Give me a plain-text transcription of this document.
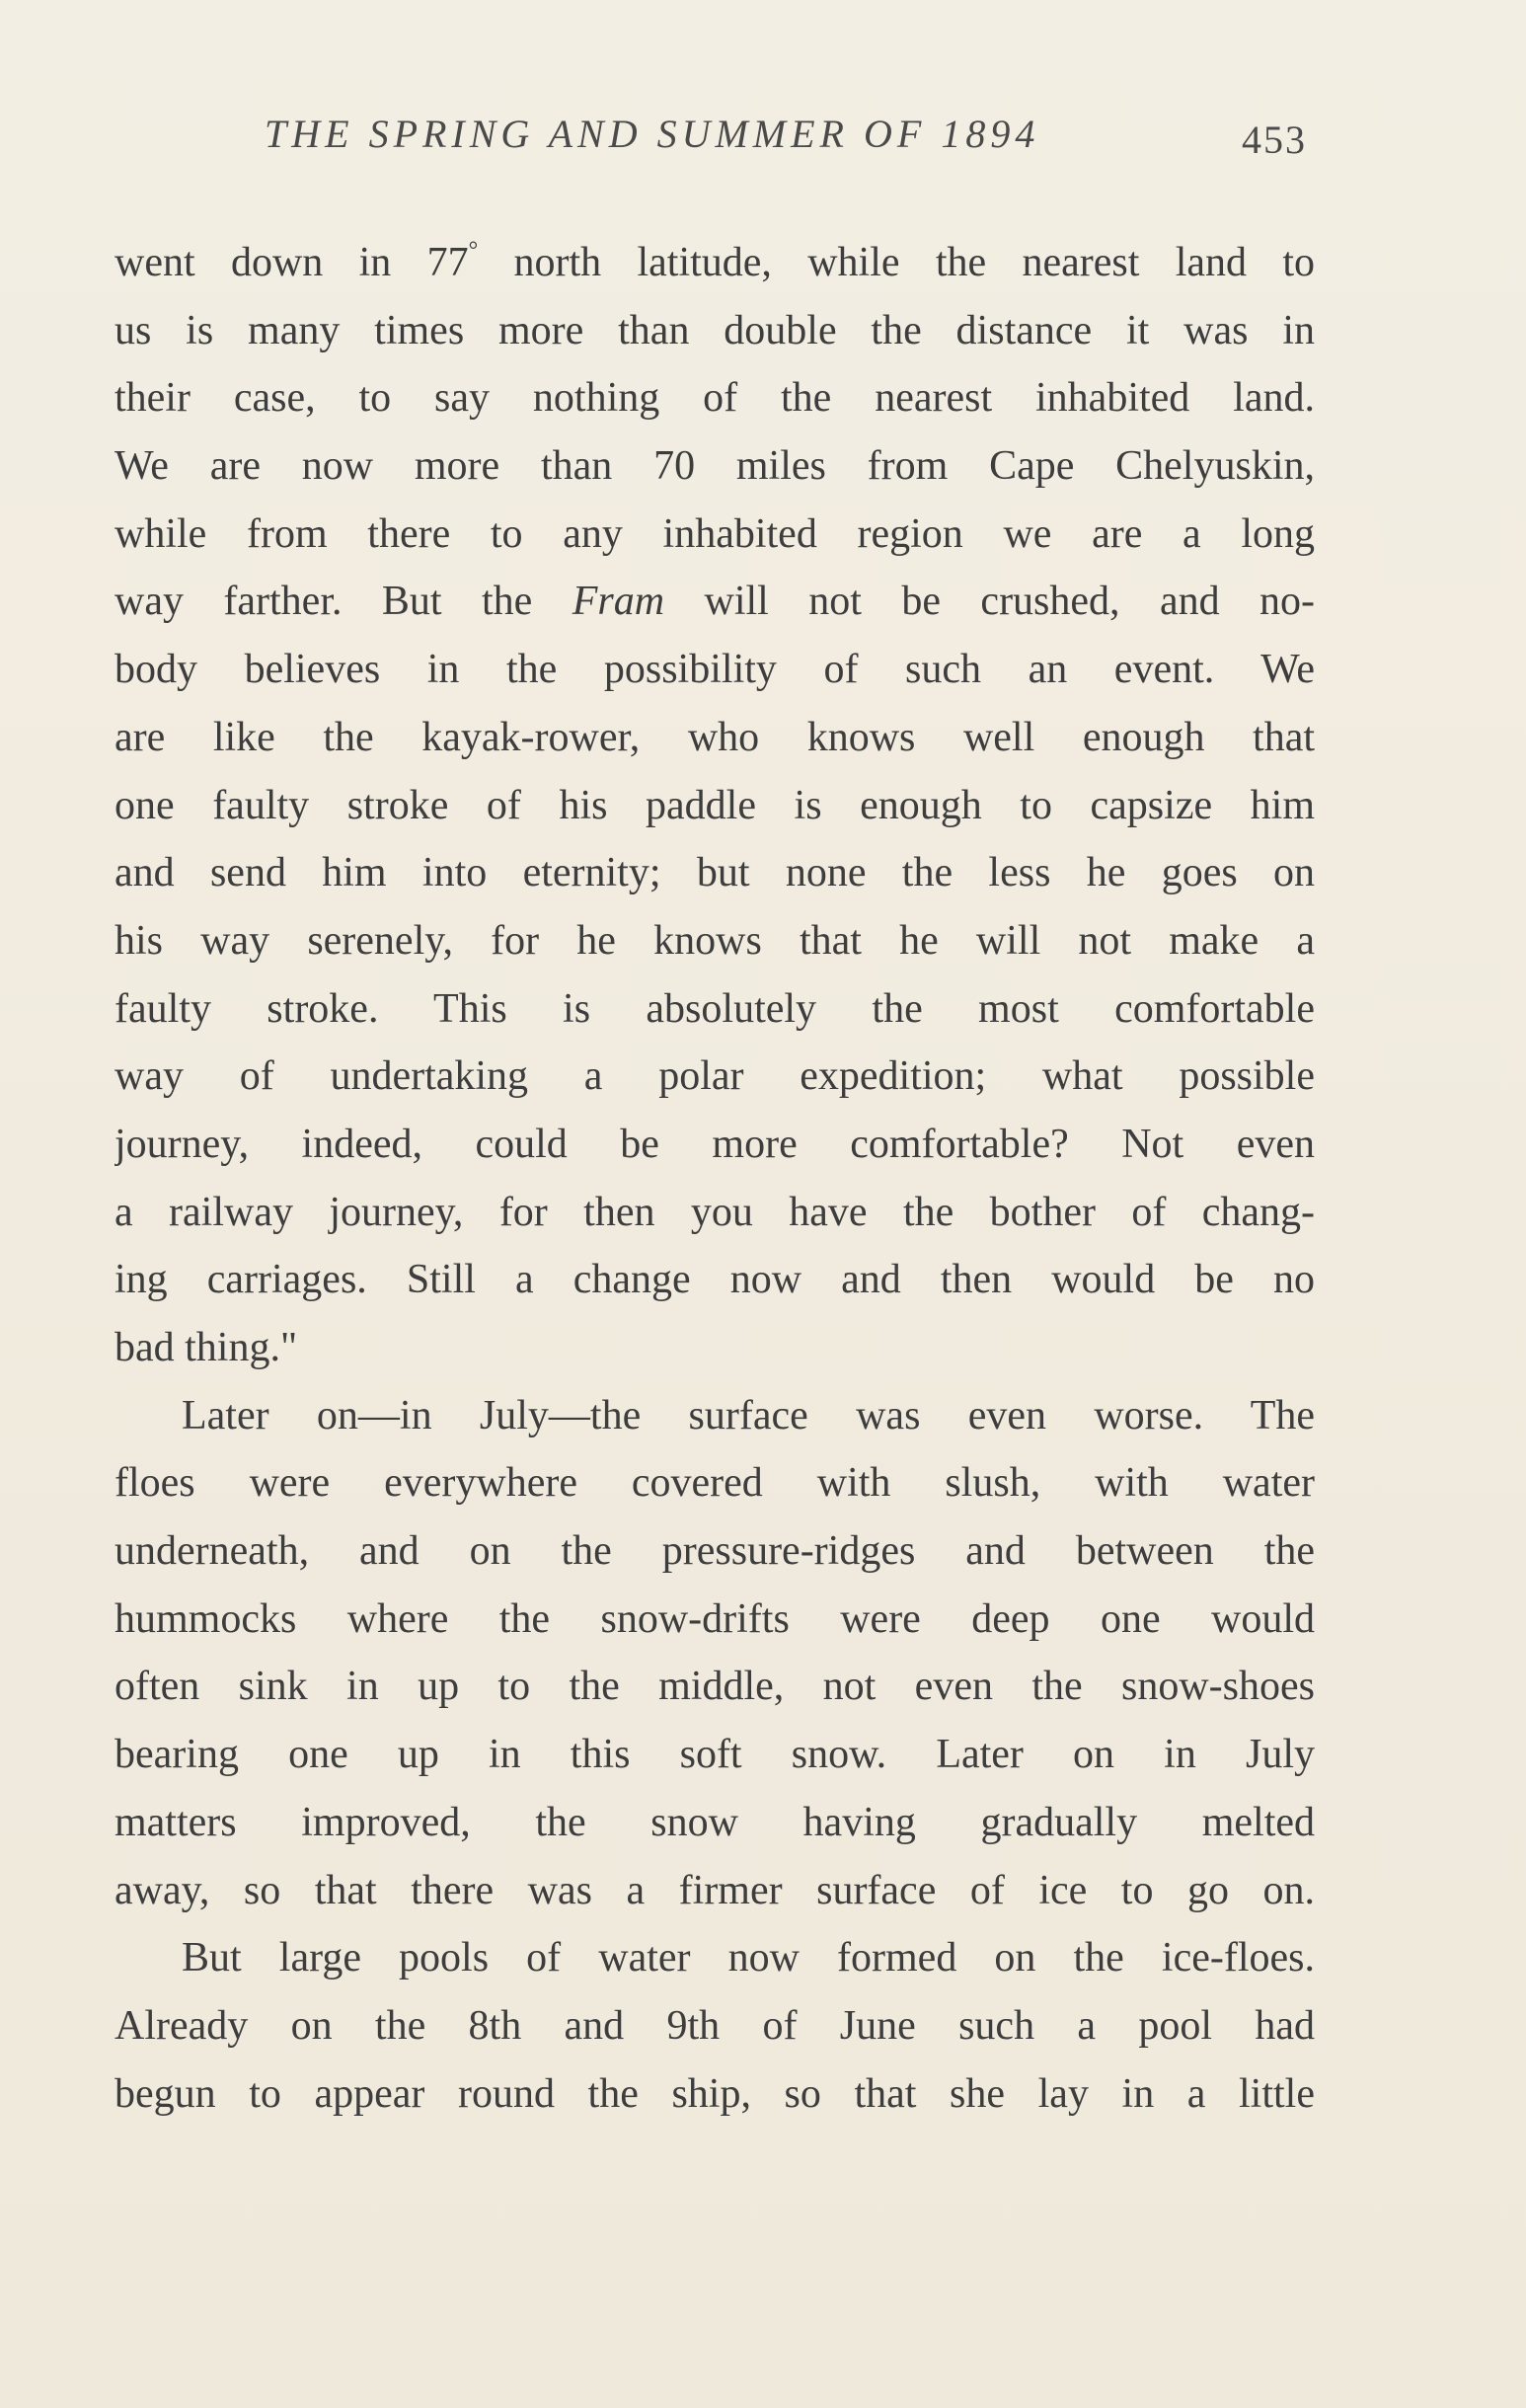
THE SPRING AND SUMMER OF 1894	453
went down in 77° north latitude, while the nearest land to
us is many times more than double the distance it was in
their case, to say nothing of the nearest inhabited land.
We are now more than 70 miles from Cape Chelyuskin,
while from there to any inhabited region we are a long
way farther. But the Fram will not be crushed, and no-
body believes in the possibility of such an event. We
are like the kayak-rower, who knows well enough that
one faulty stroke of his paddle is enough to capsize him
and send him into eternity; but none the less he goes on
his way serenely, for he knows that he will not make a
faulty stroke. This is absolutely the most comfortable
way of undertaking a polar expedition; what possible
journey, indeed, could be more comfortable? Not even
a railway journey, for then you have the bother of chang-
ing carriages. Still a change now and then would be no
bad thing."
Later on—in July—the surface was even worse. The
floes were everywhere covered with slush, with water
underneath, and on the pressure-ridges and between the
hummocks where the snow-drifts were deep one would
often sink in up to the middle, not even the snow-shoes
bearing one up in this soft snow. Later on in July
matters improved, the snow having gradually melted
away, so that there was a firmer surface of ice to go on.
But large pools of water now formed on the ice-floes.
Already on the 8th and 9th of June such a pool had
begun to appear round the ship, so that she lay in a little
